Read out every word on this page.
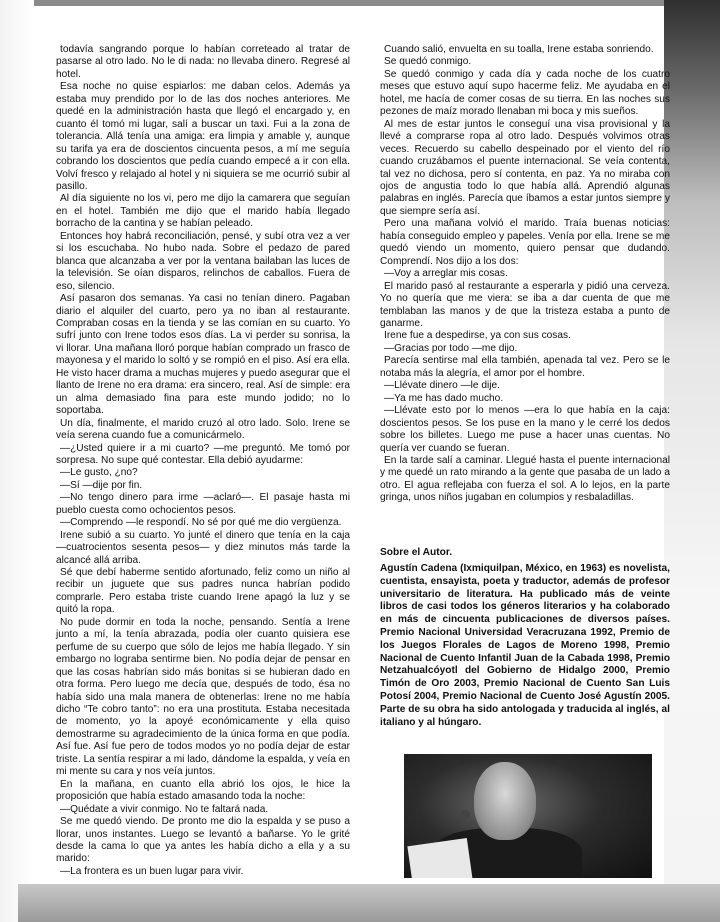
todavía sangrando porque lo habían correteado al tratar de pasarse al otro lado. No le di nada: no llevaba dinero. Regresé al hotel.

Esa noche no quise espiarlos: me daban celos. Además ya estaba muy prendido por lo de las dos noches anteriores. Me quedé en la administración hasta que llegó el encargado y, en cuanto él tomó mi lugar, salí a buscar un taxi. Fui a la zona de tolerancia. Allá tenía una amiga: era limpia y amable y, aunque su tarifa ya era de doscientos cincuenta pesos, a mí me seguía cobrando los doscientos que pedía cuando empecé a ir con ella. Volví fresco y relajado al hotel y ni siquiera se me ocurrió subir al pasillo.

Al día siguiente no los vi, pero me dijo la camarera que seguían en el hotel. También me dijo que el marido había llegado borracho de la cantina y se habían peleado.

Entonces hoy habrá reconciliación, pensé, y subí otra vez a ver si los escuchaba. No hubo nada. Sobre el pedazo de pared blanca que alcanzaba a ver por la ventana bailaban las luces de la televisión. Se oían disparos, relinchos de caballos. Fuera de eso, silencio.

Así pasaron dos semanas. Ya casi no tenían dinero. Pagaban diario el alquiler del cuarto, pero ya no iban al restaurante. Compraban cosas en la tienda y se las comían en su cuarto. Yo sufrí junto con Irene todos esos días. La vi perder su sonrisa, la vi llorar. Una mañana lloró porque habían comprado un frasco de mayonesa y el marido lo soltó y se rompió en el piso. Así era ella. He visto hacer drama a muchas mujeres y puedo asegurar que el llanto de Irene no era drama: era sincero, real. Así de simple: era un alma demasiado fina para este mundo jodido; no lo soportaba.

Un día, finalmente, el marido cruzó al otro lado. Solo. Irene se veía serena cuando fue a comunicármelo.

—¿Usted quiere ir a mi cuarto? —me preguntó. Me tomó por sorpresa. No supe qué contestar. Ella debió ayudarme:

—Le gusto, ¿no?

—Sí —dije por fin.

—No tengo dinero para irme —aclaró—. El pasaje hasta mi pueblo cuesta como ochocientos pesos.

—Comprendo —le respondí. No sé por qué me dio vergüenza.

Irene subió a su cuarto. Yo junté el dinero que tenía en la caja —cuatrocientos sesenta pesos— y diez minutos más tarde la alcancé allá arriba.

Sé que debí haberme sentido afortunado, feliz como un niño al recibir un juguete que sus padres nunca habrían podido comprarle. Pero estaba triste cuando Irene apagó la luz y se quitó la ropa.

No pude dormir en toda la noche, pensando. Sentía a Irene junto a mí, la tenía abrazada, podía oler cuanto quisiera ese perfume de su cuerpo que sólo de lejos me había llegado. Y sin embargo no lograba sentirme bien. No podía dejar de pensar en que las cosas habrían sido más bonitas si se hubieran dado en otra forma. Pero luego me decía que, después de todo, ésa no había sido una mala manera de obtenerlas: Irene no me había dicho “Te cobro tanto”: no era una prostituta. Estaba necesitada de momento, yo la apoyé económicamente y ella quiso demostrarme su agradecimiento de la única forma en que podía. Así fue. Así fue pero de todos modos yo no podía dejar de estar triste. La sentía respirar a mi lado, dándome la espalda, y veía en mi mente su cara y nos veía juntos.

En la mañana, en cuanto ella abrió los ojos, le hice la proposición que había estado amasando toda la noche:

—Quédate a vivir conmigo. No te faltará nada.

Se me quedó viendo. De pronto me dio la espalda y se puso a llorar, unos instantes. Luego se levantó a bañarse. Yo le grité desde la cama lo que ya antes les había dicho a ella y a su marido:

—La frontera es un buen lugar para vivir.

Cuando salió, envuelta en su toalla, Irene estaba sonriendo.

Se quedó conmigo.

Se quedó conmigo y cada día y cada noche de los cuatro meses que estuvo aquí supo hacerme feliz. Me ayudaba en el hotel, me hacía de comer cosas de su tierra. En las noches sus pezones de maíz morado llenaban mi boca y mis sueños.

Al mes de estar juntos le conseguí una visa provisional y la llevé a comprarse ropa al otro lado. Después volvimos otras veces. Recuerdo su cabello despeinado por el viento del río cuando cruzábamos el puente internacional. Se veía contenta, tal vez no dichosa, pero sí contenta, en paz. Ya no miraba con ojos de angustia todo lo que había allá. Aprendió algunas palabras en inglés. Parecía que íbamos a estar juntos siempre y que siempre sería así.

Pero una mañana volvió el marido. Traía buenas noticias: había conseguido empleo y papeles. Venía por ella. Irene se me quedó viendo un momento, quiero pensar que dudando. Comprendí. Nos dijo a los dos:

—Voy a arreglar mis cosas.

El marido pasó al restaurante a esperarla y pidió una cerveza. Yo no quería que me viera: se iba a dar cuenta de que me temblaban las manos y de que la tristeza estaba a punto de ganarme.

Irene fue a despedirse, ya con sus cosas.

—Gracias por todo —me dijo.

Parecía sentirse mal ella también, apenada tal vez. Pero se le notaba más la alegría, el amor por el hombre.

—Llévate dinero —le dije.

—Ya me has dado mucho.

—Llévate esto por lo menos —era lo que había en la caja: doscientos pesos. Se los puse en la mano y le cerré los dedos sobre los billetes. Luego me puse a hacer unas cuentas. No quería ver cuando se fueran.

En la tarde salí a caminar. Llegué hasta el puente internacional y me quedé un rato mirando a la gente que pasaba de un lado a otro. El agua reflejaba con fuerza el sol. A lo lejos, en la parte gringa, unos niños jugaban en columpios y resbaladillas.

Sobre el Autor.
Agustín Cadena (Ixmiquilpan, México, en 1963) es novelista, cuentista, ensayista, poeta y traductor, además de profesor universitario de literatura. Ha publicado más de veinte libros de casi todos los géneros literarios y ha colaborado en más de cincuenta publicaciones de diversos países. Premio Nacional Universidad Veracruzana 1992, Premio de los Juegos Florales de Lagos de Moreno 1998, Premio Nacional de Cuento Infantil Juan de la Cabada 1998, Premio Netzahualcóyotl del Gobierno de Hidalgo 2000, Premio Timón de Oro 2003, Premio Nacional de Cuento San Luis Potosí 2004, Premio Nacional de Cuento José Agustín 2005. Parte de su obra ha sido antologada y traducida al inglés, al italiano y al húngaro.
